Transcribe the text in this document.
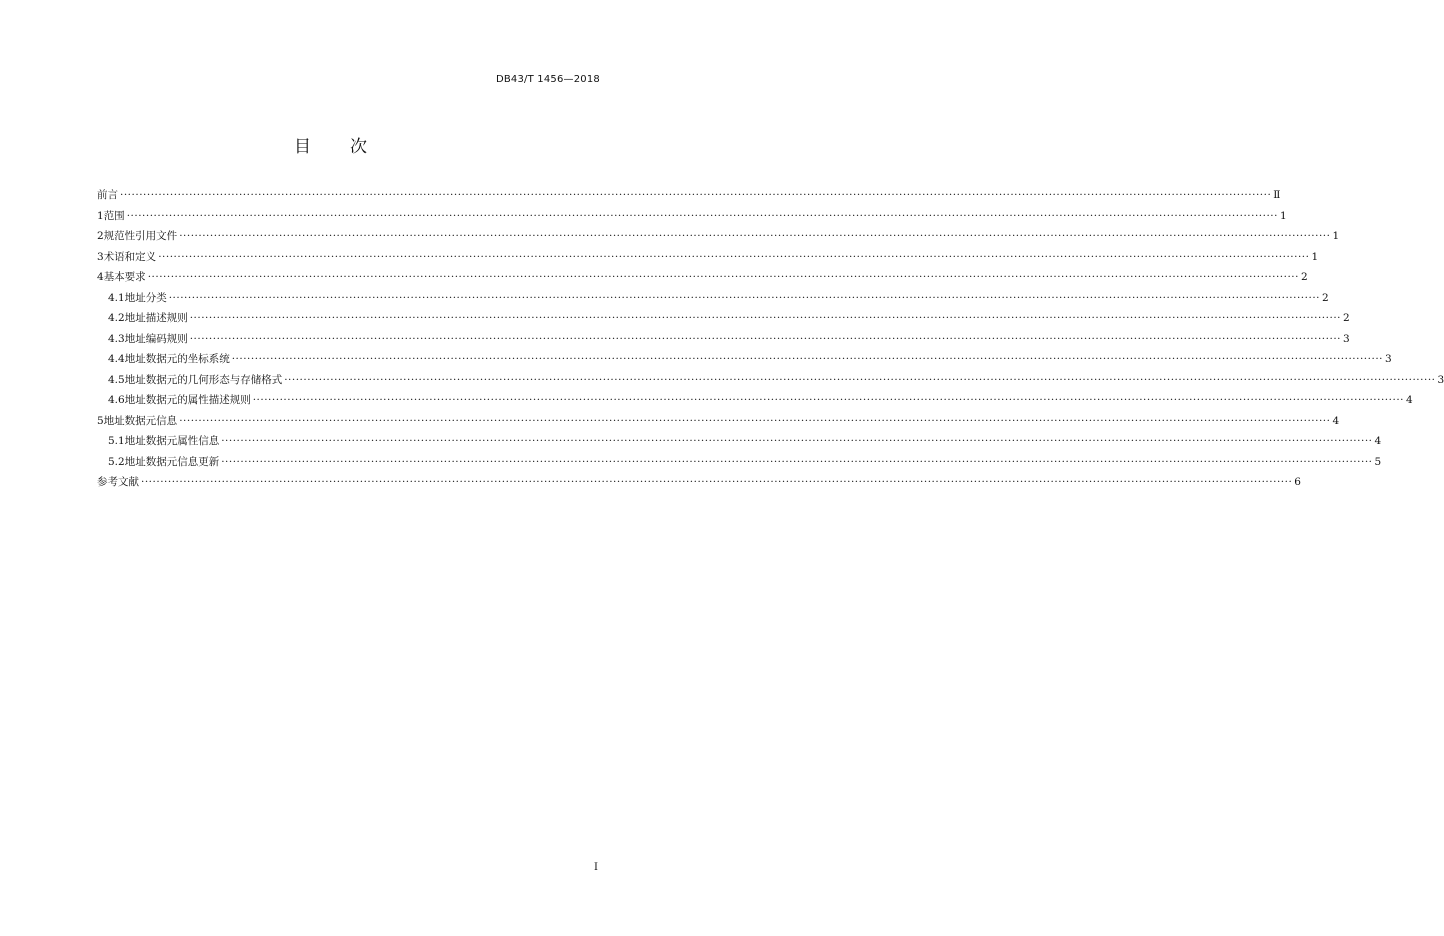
DB43/T 1456—2018
目 次
前言 ············································································································································································································································································································ Ⅱ
1 范围 ············································································································································································································································································································ 1
2 规范性引用文件 ············································································································································································································································································································ 1
3 术语和定义 ············································································································································································································································································································ 1
4 基本要求 ············································································································································································································································································································ 2
4.1 地址分类 ············································································································································································································································································································ 2
4.2 地址描述规则 ············································································································································································································································································································ 2
4.3 地址编码规则 ············································································································································································································································································································ 3
4.4 地址数据元的坐标系统 ············································································································································································································································································································ 3
4.5 地址数据元的几何形态与存储格式 ············································································································································································································································································································ 3
4.6 地址数据元的属性描述规则 ············································································································································································································································································································ 4
5 地址数据元信息 ············································································································································································································································································································ 4
5.1 地址数据元属性信息 ············································································································································································································································································································ 4
5.2 地址数据元信息更新 ············································································································································································································································································································ 5
参考文献 ············································································································································································································································································································ 6
I
